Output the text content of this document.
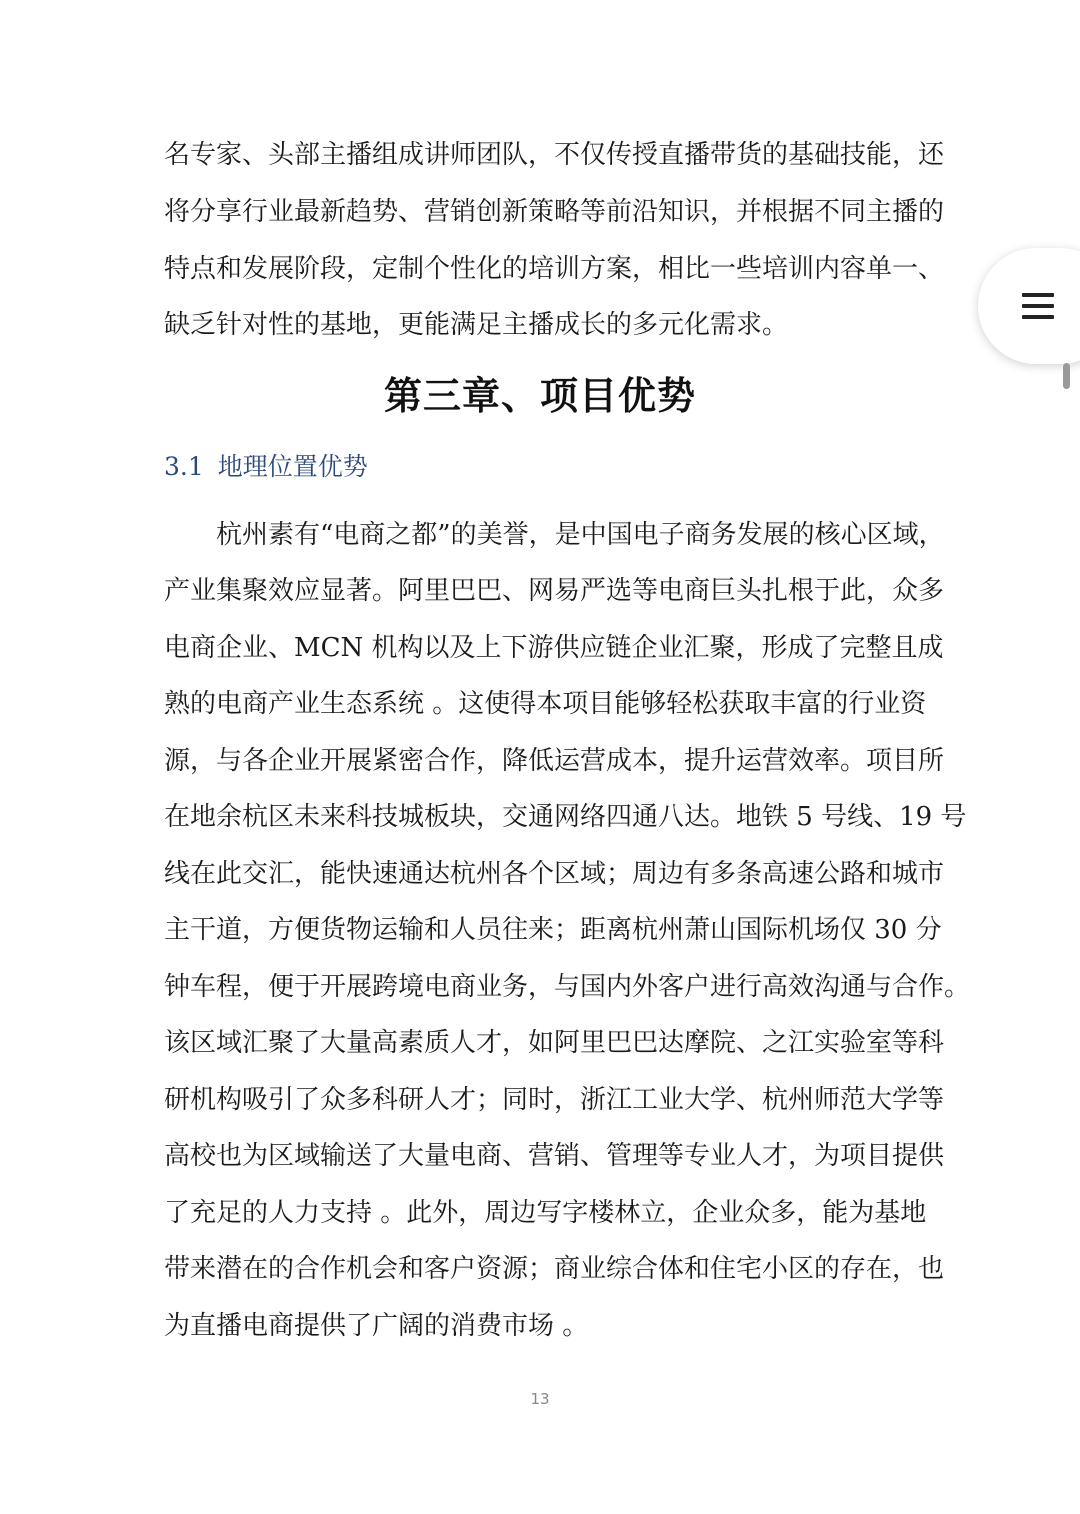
名专家、头部主播组成讲师团队，不仅传授直播带货的基础技能，还
将分享行业最新趋势、营销创新策略等前沿知识，并根据不同主播的
特点和发展阶段，定制个性化的培训方案，相比一些培训内容单一、
缺乏针对性的基地，更能满足主播成长的多元化需求。
第三章、项目优势
3.1 地理位置优势
　　杭州素有“电商之都”的美誉，是中国电子商务发展的核心区域，
产业集聚效应显著。阿里巴巴、网易严选等电商巨头扎根于此，众多
电商企业、MCN 机构以及上下游供应链企业汇聚，形成了完整且成
熟的电商产业生态系统 。这使得本项目能够轻松获取丰富的行业资
源，与各企业开展紧密合作，降低运营成本，提升运营效率。项目所
在地余杭区未来科技城板块，交通网络四通八达。地铁 5 号线、19 号
线在此交汇，能快速通达杭州各个区域；周边有多条高速公路和城市
主干道，方便货物运输和人员往来；距离杭州萧山国际机场仅 30 分
钟车程，便于开展跨境电商业务，与国内外客户进行高效沟通与合作。
该区域汇聚了大量高素质人才，如阿里巴巴达摩院、之江实验室等科
研机构吸引了众多科研人才；同时，浙江工业大学、杭州师范大学等
高校也为区域输送了大量电商、营销、管理等专业人才，为项目提供
了充足的人力支持 。此外，周边写字楼林立，企业众多，能为基地
带来潜在的合作机会和客户资源；商业综合体和住宅小区的存在，也
为直播电商提供了广阔的消费市场 。
13
